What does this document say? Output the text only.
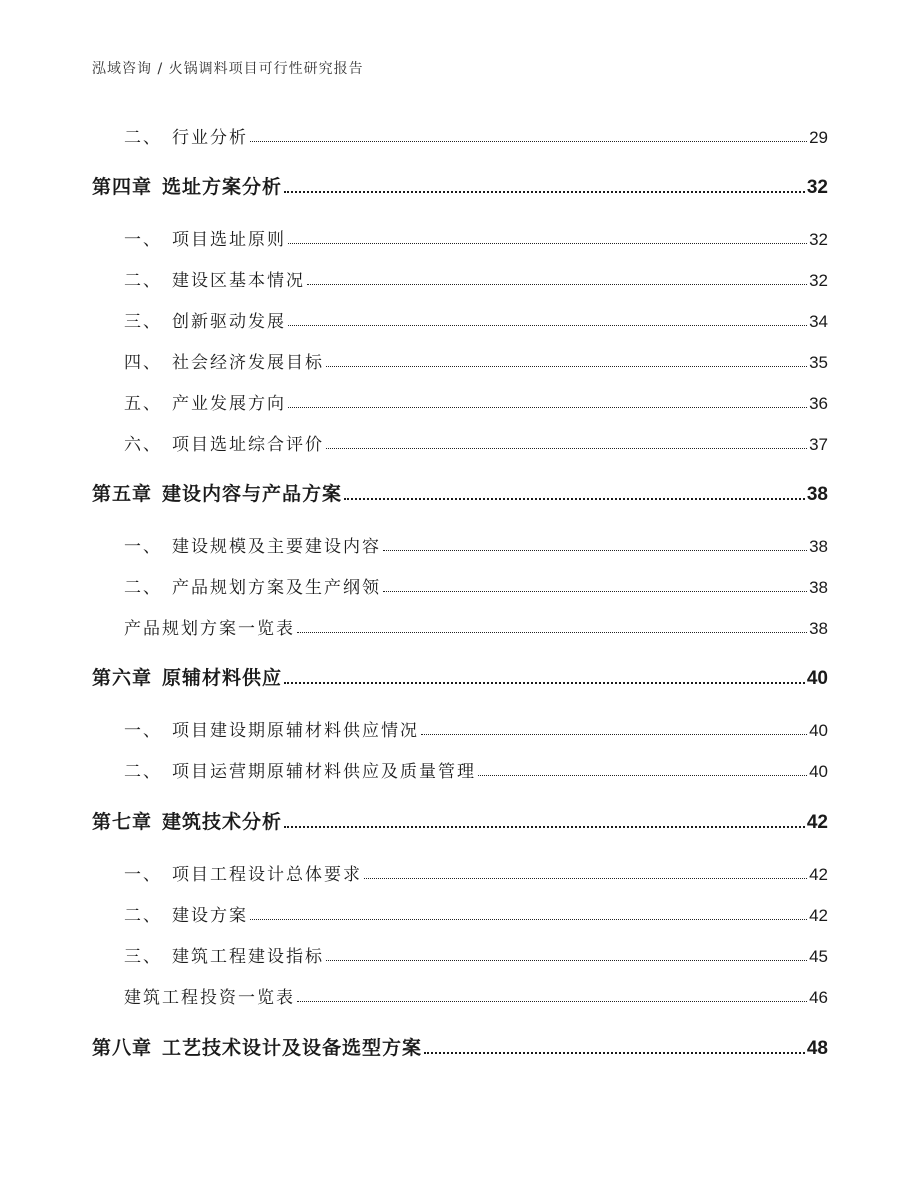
泓域咨询 / 火锅调料项目可行性研究报告
二、 行业分析	29
第四章 选址方案分析	32
一、 项目选址原则	32
二、 建设区基本情况	32
三、 创新驱动发展	34
四、 社会经济发展目标	35
五、 产业发展方向	36
六、 项目选址综合评价	37
第五章 建设内容与产品方案	38
一、 建设规模及主要建设内容	38
二、 产品规划方案及生产纲领	38
产品规划方案一览表	38
第六章 原辅材料供应	40
一、 项目建设期原辅材料供应情况	40
二、 项目运营期原辅材料供应及质量管理	40
第七章 建筑技术分析	42
一、 项目工程设计总体要求	42
二、 建设方案	42
三、 建筑工程建设指标	45
建筑工程投资一览表	46
第八章 工艺技术设计及设备选型方案	48
